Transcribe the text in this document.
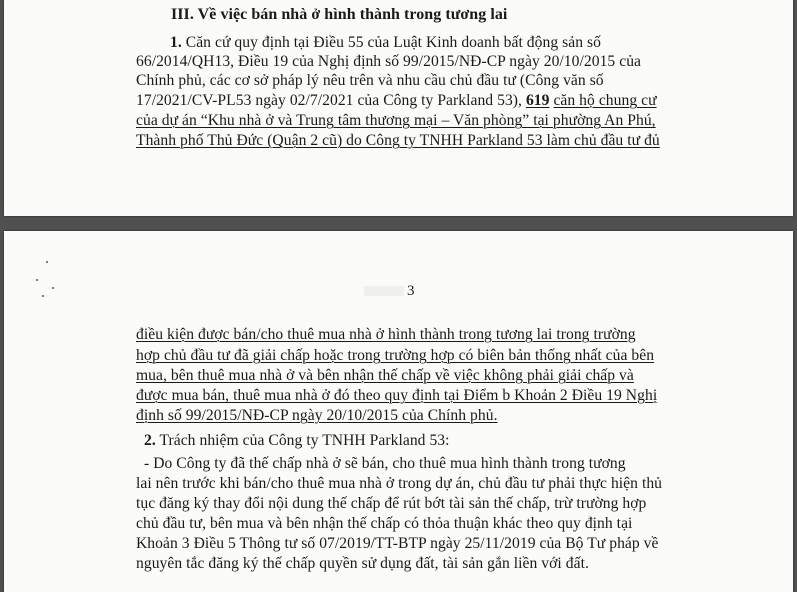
III. Về việc bán nhà ở hình thành trong tương lai
1. Căn cứ quy định tại Điều 55 của Luật Kinh doanh bất động sản số
66/2014/QH13, Điều 19 của Nghị định số 99/2015/NĐ-CP ngày 20/10/2015 của
Chính phủ, các cơ sở pháp lý nêu trên và nhu cầu chủ đầu tư (Công văn số
17/2021/CV-PL53 ngày 02/7/2021 của Công ty Parkland 53), 619 căn hộ chung cư
của dự án “Khu nhà ở và Trung tâm thương mại – Văn phòng” tại phường An Phú,
Thành phố Thủ Đức (Quận 2 cũ) do Công ty TNHH Parkland 53 làm chủ đầu tư đủ
3
điều kiện được bán/cho thuê mua nhà ở hình thành trong tương lai trong trường
hợp chủ đầu tư đã giải chấp hoặc trong trường hợp có biên bản thống nhất của bên
mua, bên thuê mua nhà ở và bên nhận thế chấp về việc không phải giải chấp và
được mua bán, thuê mua nhà ở đó theo quy định tại Điểm b Khoản 2 Điều 19 Nghị
định số 99/2015/NĐ-CP ngày 20/10/2015 của Chính phủ.
2. Trách nhiệm của Công ty TNHH Parkland 53:
- Do Công ty đã thế chấp nhà ở sẽ bán, cho thuê mua hình thành trong tương
lai nên trước khi bán/cho thuê mua nhà ở trong dự án, chủ đầu tư phải thực hiện thủ
tục đăng ký thay đổi nội dung thế chấp để rút bớt tài sản thế chấp, trừ trường hợp
chủ đầu tư, bên mua và bên nhận thế chấp có thỏa thuận khác theo quy định tại
Khoản 3 Điều 5 Thông tư số 07/2019/TT-BTP ngày 25/11/2019 của Bộ Tư pháp về
nguyên tắc đăng ký thế chấp quyền sử dụng đất, tài sản gắn liền với đất.
